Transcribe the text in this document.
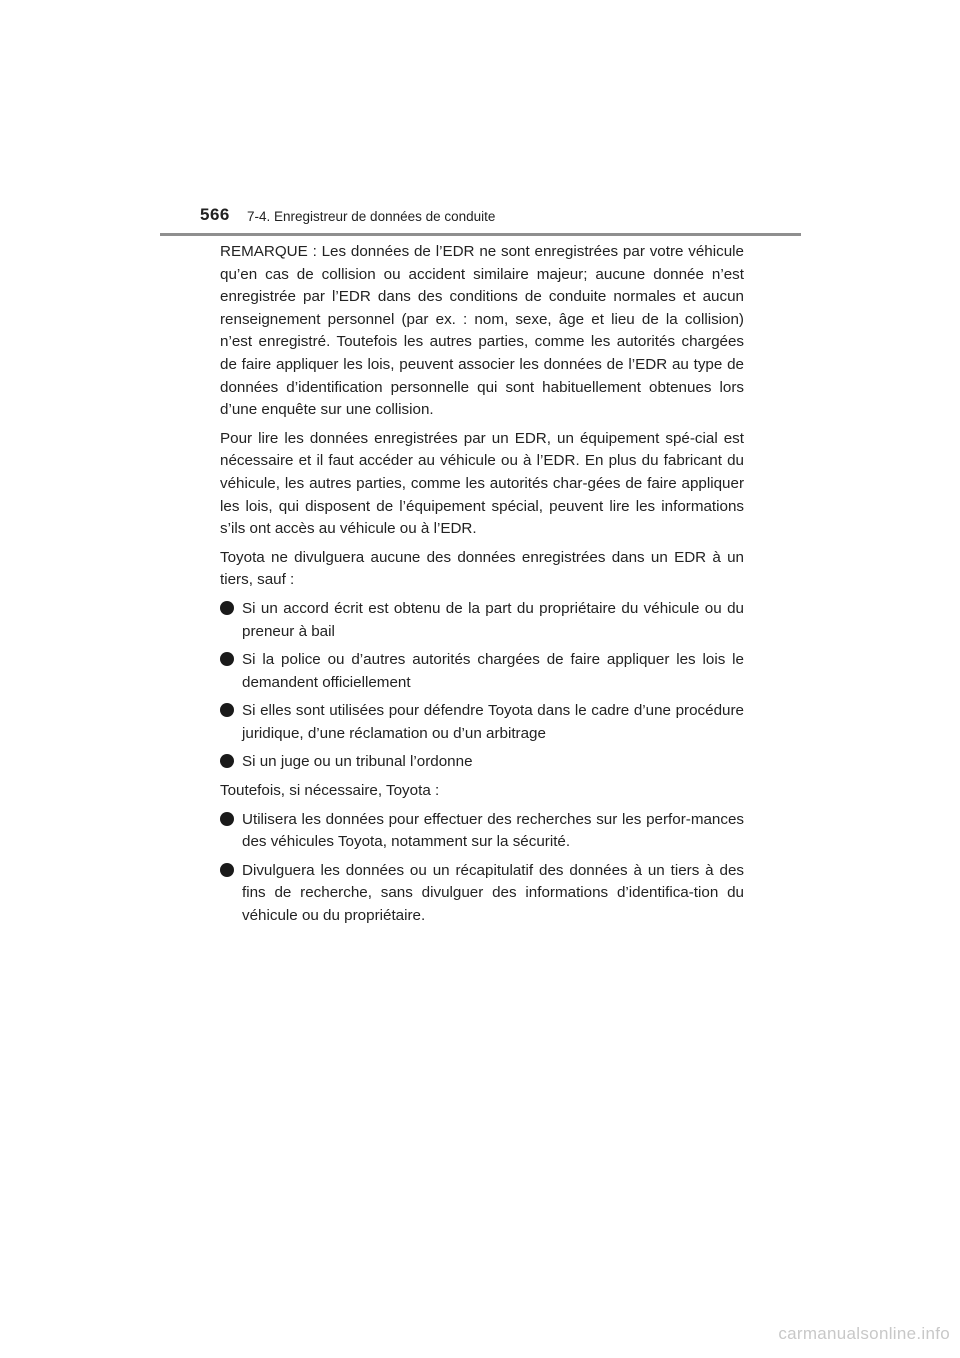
566 7-4. Enregistreur de données de conduite

REMARQUE : Les données de l’EDR ne sont enregistrées par votre véhicule qu’en cas de collision ou accident similaire majeur; aucune donnée n’est enregistrée par l’EDR dans des conditions de conduite normales et aucun renseignement personnel (par ex. : nom, sexe, âge et lieu de la collision) n’est enregistré. Toutefois les autres parties, comme les autorités chargées de faire appliquer les lois, peuvent associer les données de l’EDR au type de données d’identification personnelle qui sont habituellement obtenues lors d’une enquête sur une collision.

Pour lire les données enregistrées par un EDR, un équipement spé-cial est nécessaire et il faut accéder au véhicule ou à l’EDR. En plus du fabricant du véhicule, les autres parties, comme les autorités char-gées de faire appliquer les lois, qui disposent de l’équipement spécial, peuvent lire les informations s’ils ont accès au véhicule ou à l’EDR.

Toyota ne divulguera aucune des données enregistrées dans un EDR à un tiers, sauf :

Si un accord écrit est obtenu de la part du propriétaire du véhicule ou du preneur à bail
Si la police ou d’autres autorités chargées de faire appliquer les lois le demandent officiellement
Si elles sont utilisées pour défendre Toyota dans le cadre d’une procédure juridique, d’une réclamation ou d’un arbitrage
Si un juge ou un tribunal l’ordonne

Toutefois, si nécessaire, Toyota :

Utilisera les données pour effectuer des recherches sur les perfor-mances des véhicules Toyota, notamment sur la sécurité.
Divulguera les données ou un récapitulatif des données à un tiers à des fins de recherche, sans divulguer des informations d’identifica-tion du véhicule ou du propriétaire.
carmanualsonline.info
